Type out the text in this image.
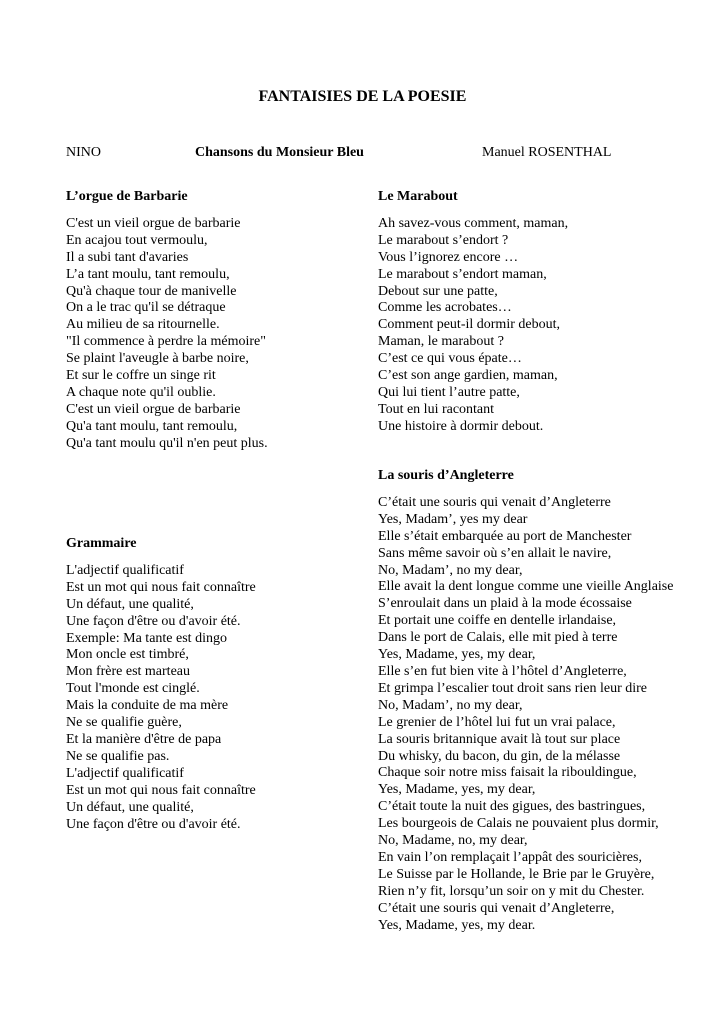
FANTAISIES DE LA POESIE
NINO	Chansons du Monsieur Bleu	Manuel ROSENTHAL
L’orgue de Barbarie
C'est un vieil orgue de barbarie
En acajou tout vermoulu,
Il a subi tant d'avaries
L’a tant moulu, tant remoulu,
Qu'à chaque tour de manivelle
On a le trac qu'il se détraque
Au milieu de sa ritournelle.
"Il commence à perdre la mémoire"
Se plaint l'aveugle à barbe noire,
Et sur le coffre un singe rit
A chaque note qu'il oublie.
C'est un vieil orgue de barbarie
Qu'a tant moulu, tant remoulu,
Qu'a tant moulu qu'il n'en peut plus.
Grammaire
L'adjectif qualificatif
Est un mot qui nous fait connaître
Un défaut, une qualité,
Une façon d'être ou d'avoir été.
Exemple: Ma tante est dingo
Mon oncle est timbré,
Mon frère est marteau
Tout l'monde est cinglé.
Mais la conduite de ma mère
Ne se qualifie guère,
Et la manière d'être de papa
Ne se qualifie pas.
L'adjectif qualificatif
Est un mot qui nous fait connaître
Un défaut, une qualité,
Une façon d'être ou d'avoir été.
Le Marabout
Ah savez-vous comment, maman,
Le marabout s’endort ?
Vous l’ignorez encore …
Le marabout s’endort maman,
Debout sur une patte,
Comme les acrobates…
Comment peut-il dormir debout,
Maman, le marabout ?
C’est ce qui vous épate…
C’est son ange gardien, maman,
Qui lui tient l’autre patte,
Tout en lui racontant
Une histoire à dormir debout.
La souris d’Angleterre
C’était une souris qui venait d’Angleterre
Yes, Madam’, yes my dear
Elle s’était embarquée au port de Manchester
Sans même savoir où s’en allait le navire,
No, Madam’, no my dear,
Elle avait la dent longue comme une vieille Anglaise
S’enroulait dans un plaid à la mode écossaise
Et portait une coiffe en dentelle irlandaise,
Dans le port de Calais, elle mit pied à terre
Yes, Madame, yes, my dear,
Elle s’en fut bien vite à l’hôtel d’Angleterre,
Et grimpa l’escalier tout droit sans rien leur dire
No, Madam’, no my dear,
Le grenier de l’hôtel lui fut un vrai palace,
La souris britannique avait là tout sur place
Du whisky, du bacon, du gin, de la mélasse
Chaque soir notre miss faisait la ribouldingue,
Yes, Madame, yes, my dear,
C’était toute la nuit des gigues, des bastringues,
Les bourgeois de Calais ne pouvaient plus dormir,
No, Madame, no, my dear,
En vain l’on remplaçait l’appât des souricières,
Le Suisse par le Hollande, le Brie par le Gruyère,
Rien n’y fit, lorsqu’un soir on y mit du Chester.
C’était une souris qui venait d’Angleterre,
Yes, Madame, yes, my dear.
